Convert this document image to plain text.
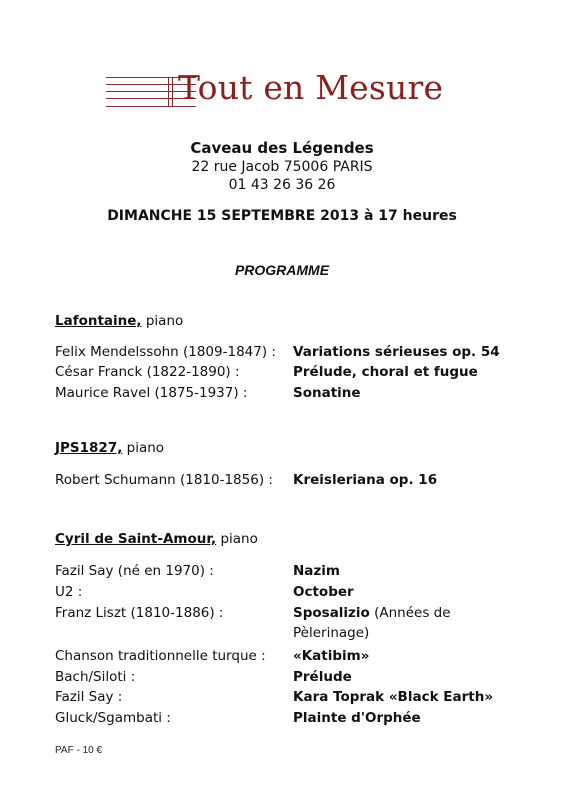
Tout en Mesure
Caveau des Légendes
22 rue Jacob 75006 PARIS
01 43 26 36 26
DIMANCHE 15 SEPTEMBRE 2013 à 17 heures
PROGRAMME
Lafontaine, piano
Felix Mendelssohn (1809-1847) : Variations sérieuses op. 54
César Franck (1822-1890) :	Prélude, choral et fugue
Maurice Ravel (1875-1937) :	Sonatine
JPS1827, piano
Robert Schumann (1810-1856) : Kreisleriana op. 16
Cyril de Saint-Amour, piano
Fazil Say (né en 1970) :	Nazim
U2 :	October
Franz Liszt (1810-1886) :	Sposalizio (Années de
Pèlerinage)
Chanson traditionnelle turque : «Katibim»
Bach/Siloti :	Prélude
Fazil Say :	Kara Toprak «Black Earth»
Gluck/Sgambati :	Plainte d'Orphée
PAF - 10 €
